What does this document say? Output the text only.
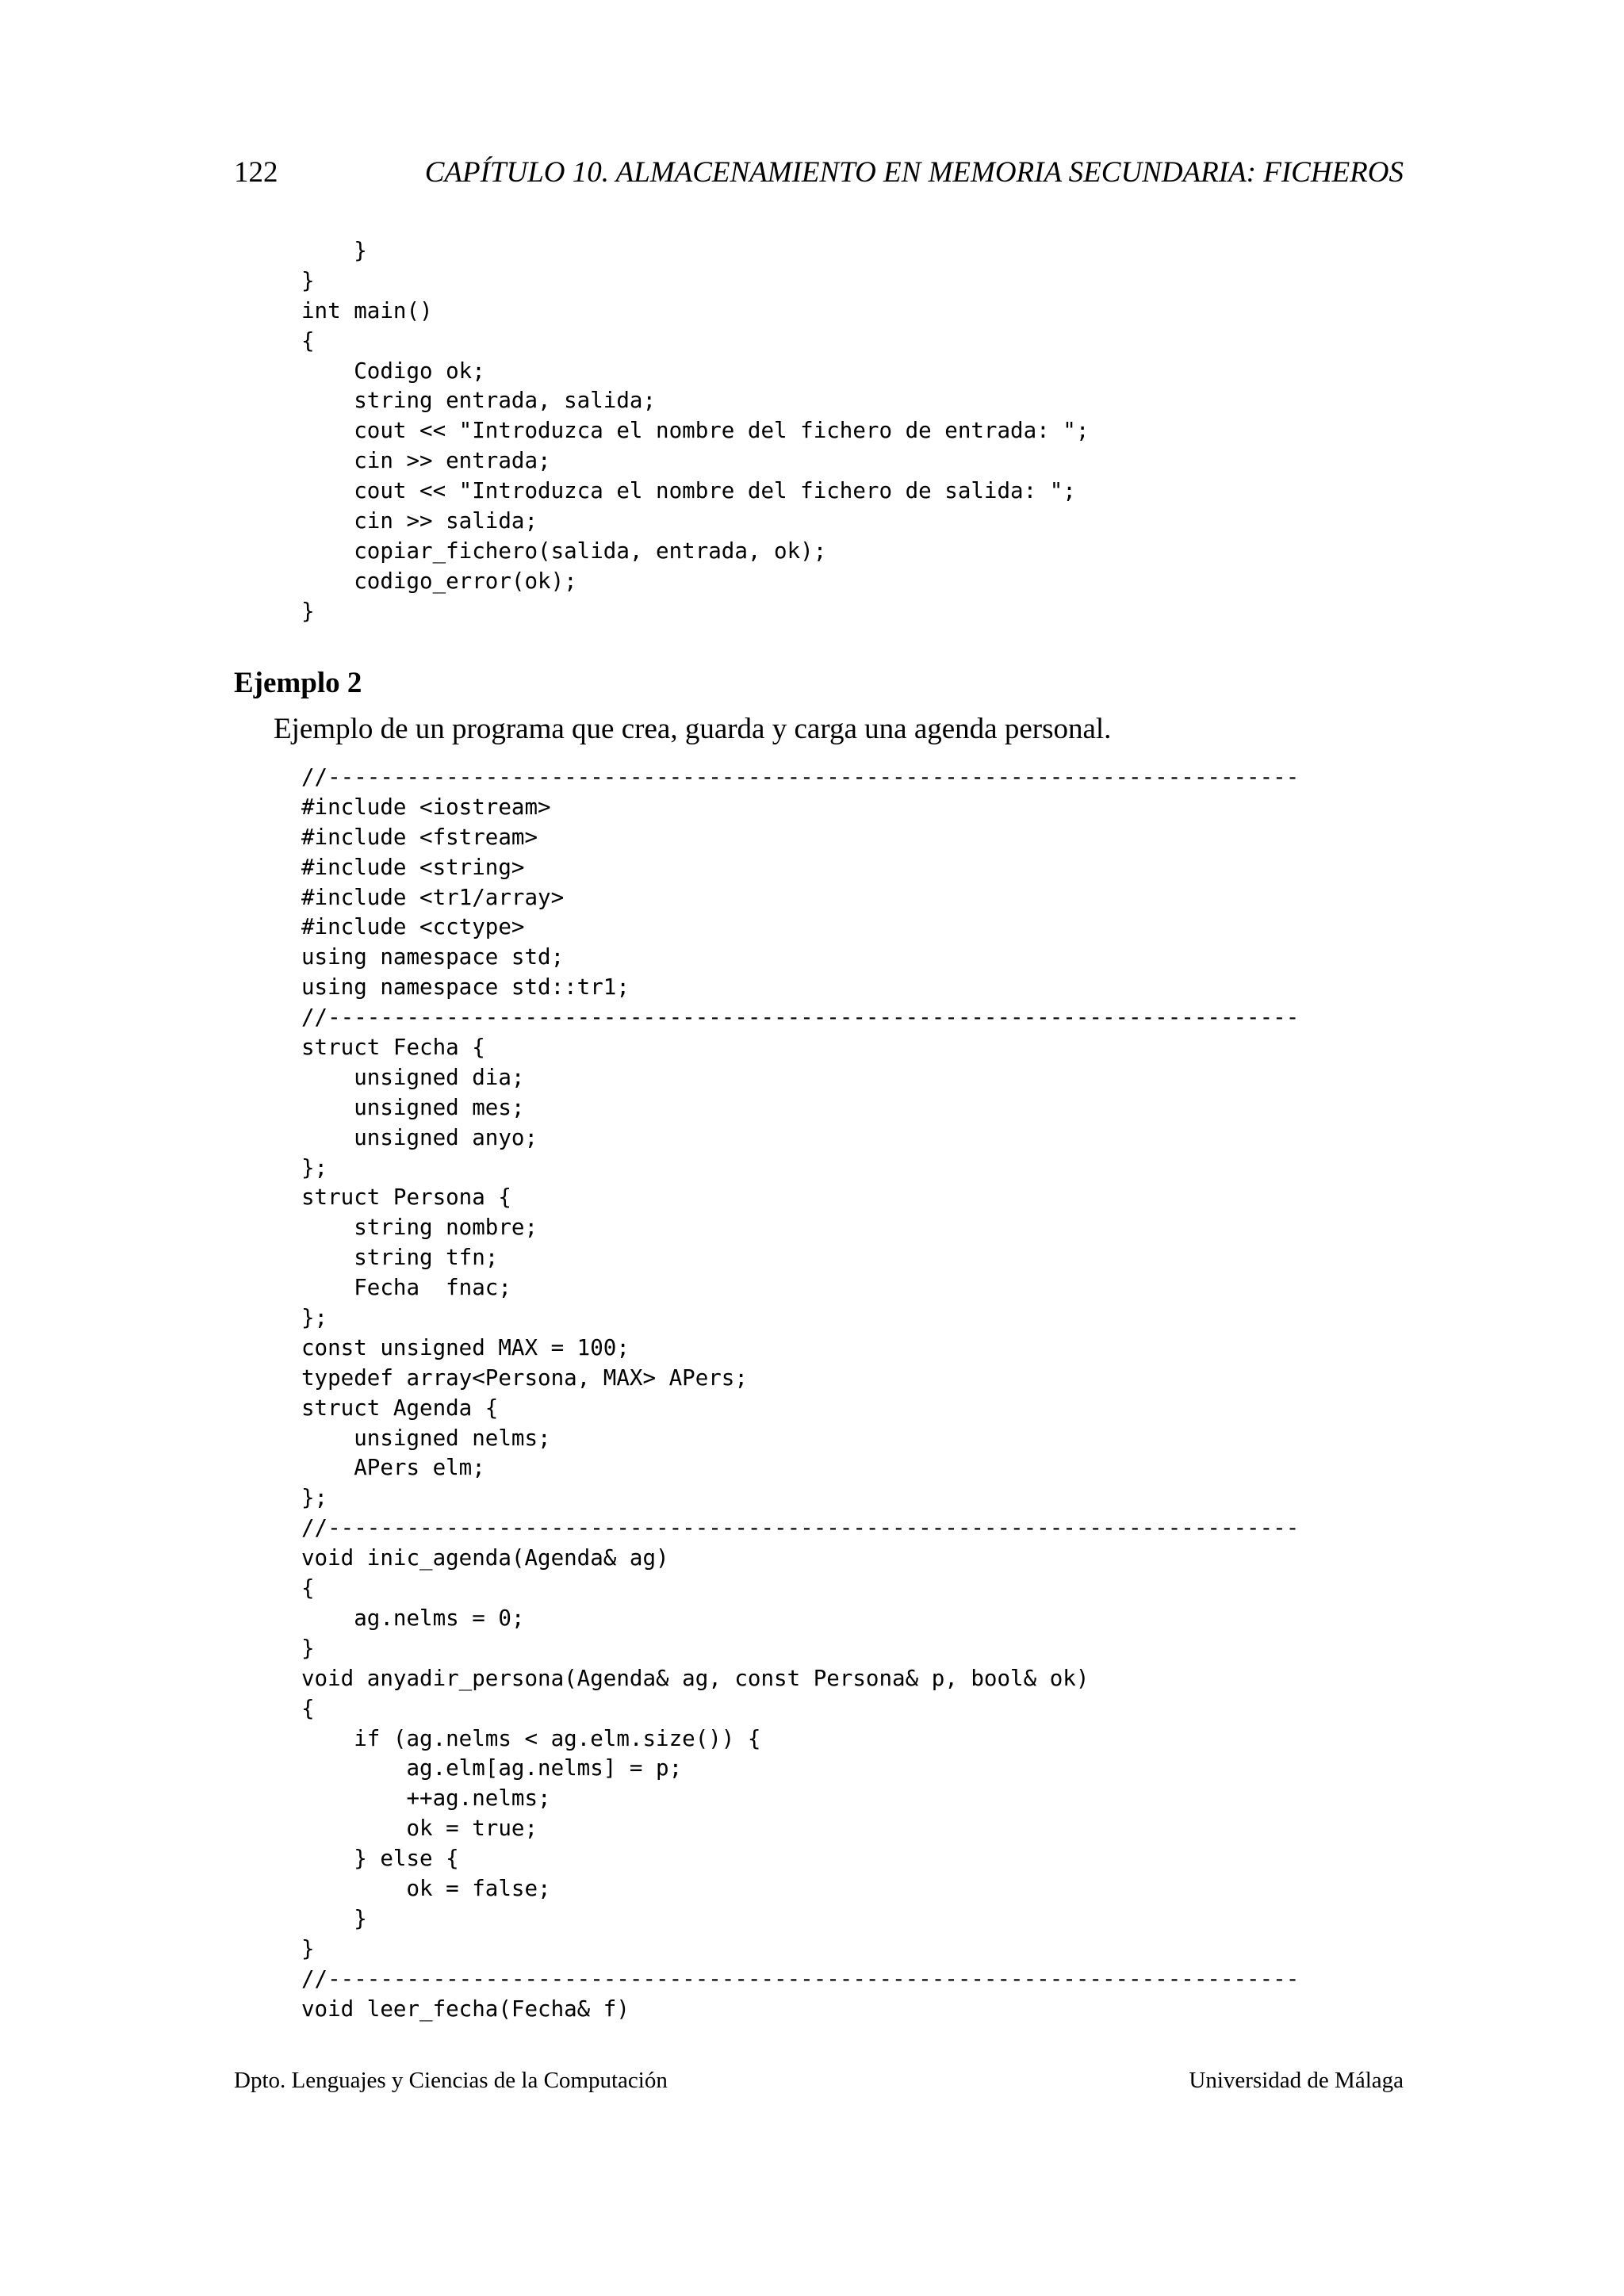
122	CAPÍTULO 10. ALMACENAMIENTO EN MEMORIA SECUNDARIA: FICHEROS
}
}
int main()
{
Codigo ok;
string entrada, salida;
cout << "Introduzca el nombre del fichero de entrada: ";
cin >> entrada;
cout << "Introduzca el nombre del fichero de salida: ";
cin >> salida;
copiar_fichero(salida, entrada, ok);
codigo_error(ok);
}
Ejemplo 2
Ejemplo de un programa que crea, guarda y carga una agenda personal.
//--------------------------------------------------------------------------
#include <iostream>
#include <fstream>
#include <string>
#include <tr1/array>
#include <cctype>
using namespace std;
using namespace std::tr1;
//--------------------------------------------------------------------------
struct Fecha {
unsigned dia;
unsigned mes;
unsigned anyo;
};
struct Persona {
string nombre;
string tfn;
Fecha  fnac;
};
const unsigned MAX = 100;
typedef array<Persona, MAX> APers;
struct Agenda {
unsigned nelms;
APers elm;
};
//--------------------------------------------------------------------------
void inic_agenda(Agenda& ag)
{
ag.nelms = 0;
}
void anyadir_persona(Agenda& ag, const Persona& p, bool& ok)
{
if (ag.nelms < ag.elm.size()) {
ag.elm[ag.nelms] = p;
++ag.nelms;
ok = true;
} else {
ok = false;
}
}
//--------------------------------------------------------------------------
void leer_fecha(Fecha& f)
Dpto. Lenguajes y Ciencias de la Computación	Universidad de Málaga
